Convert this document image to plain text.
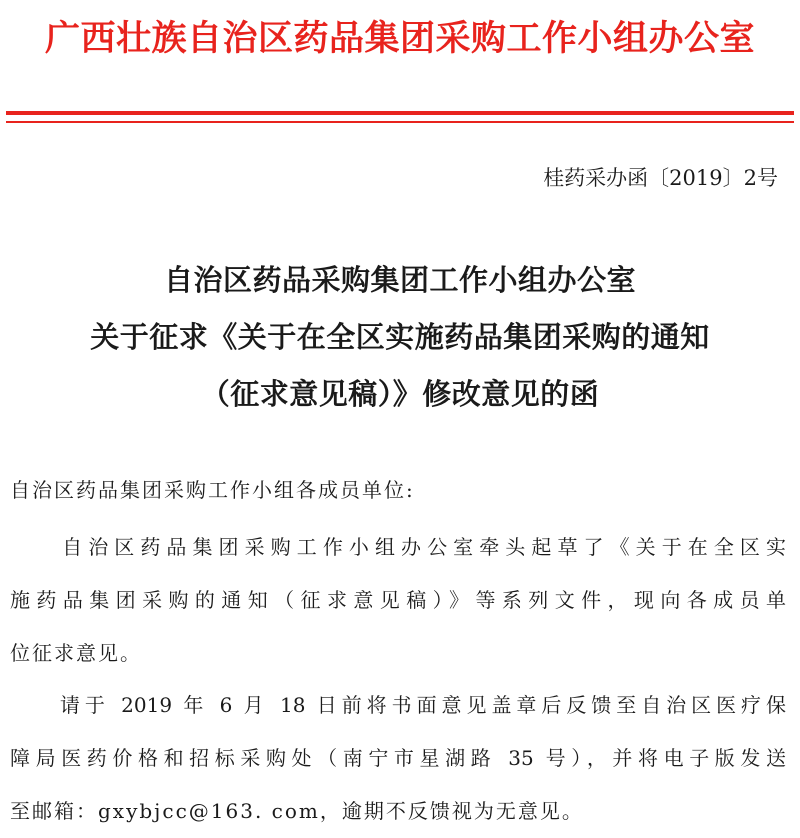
广西壮族自治区药品集团采购工作小组办公室
桂药采办函〔2019〕2号
自治区药品采购集团工作小组办公室
关于征求《关于在全区实施药品集团采购的通知
（征求意见稿）》修改意见的函
自治区药品集团采购工作小组各成员单位:
　　自治区药品集团采购工作小组办公室牵头起草了《关于在全区实
施药品集团采购的通知（征求意见稿）》等系列文件，现向各成员单
位征求意见。
　　请于 2019 年 6 月 18 日前将书面意见盖章后反馈至自治区医疗保
障局医药价格和招标采购处（南宁市星湖路 35 号），并将电子版发送
至邮箱：gxybjcc@163. com，逾期不反馈视为无意见。
